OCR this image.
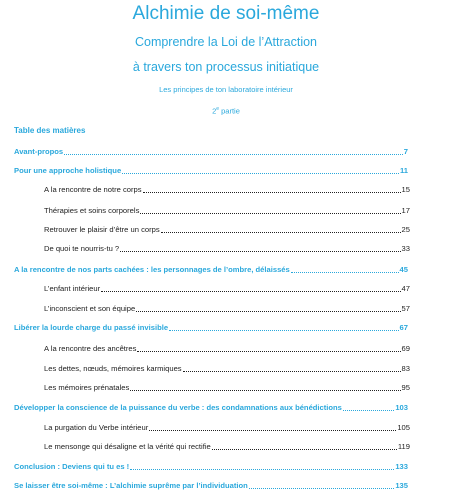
Alchimie de soi-même
Comprendre la Loi de l’Attraction
à travers ton processus initiatique
Les principes de ton laboratoire intérieur
2e partie
Table des matières
Avant-propos	7
Pour une approche holistique	11
A la rencontre de notre corps	15
Thérapies et soins corporels	17
Retrouver le plaisir d’être un corps	25
De quoi te nourris-tu ?	33
A la rencontre de nos parts cachées : les personnages de l’ombre, délaissés	45
L’enfant intérieur	47
L’inconscient et son équipe	57
Libérer la lourde charge du passé invisible	67
A la rencontre des ancêtres	69
Les dettes, nœuds, mémoires karmiques	83
Les mémoires prénatales	95
Développer la conscience de la puissance du verbe : des condamnations aux bénédictions	103
La purgation du Verbe intérieur	105
Le mensonge qui désaligne et la vérité qui rectifie	119
Conclusion : Deviens qui tu es !	133
Se laisser être soi-même : L’alchimie suprême par l’individuation	135
